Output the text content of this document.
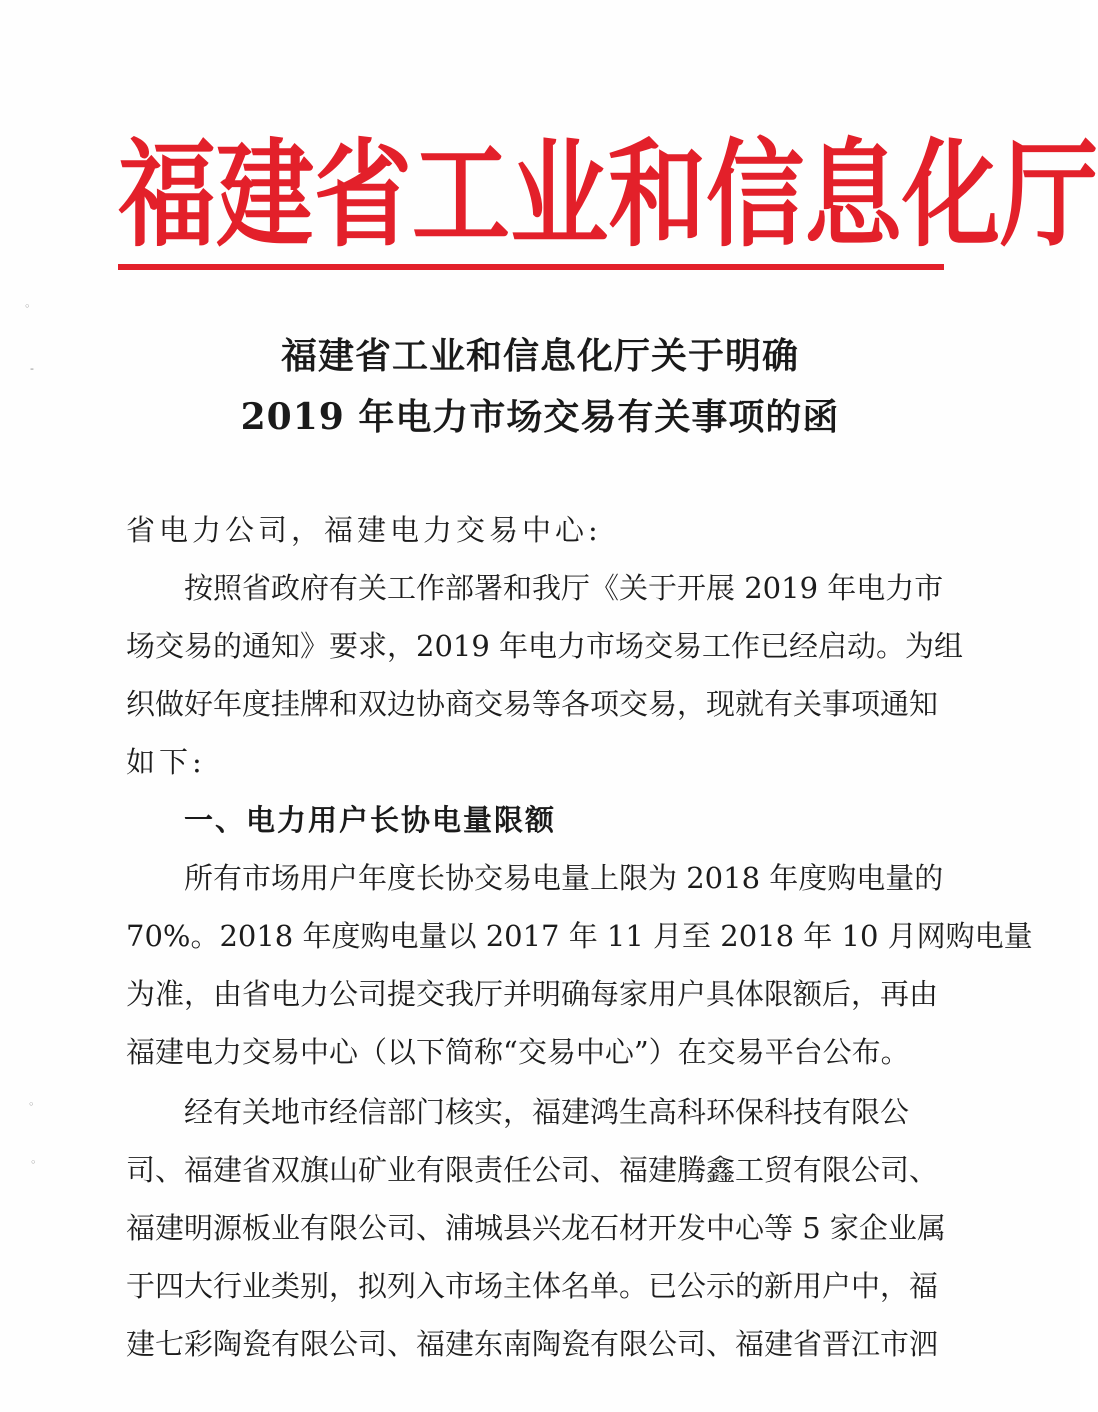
福 建 省 工 业 和 信 息 化 厅
◦
‐
◦
◦
福建省工业和信息化厅关于明确
2019 年电力市场交易有关事项的函
省电力公司，福建电力交易中心:
按照省政府有关工作部署和我厅《关于开展 2019 年电力市
场交易的通知》要求，2019 年电力市场交易工作已经启动。为组
织做好年度挂牌和双边协商交易等各项交易，现就有关事项通知
如下:
一、电力用户长协电量限额
所有市场用户年度长协交易电量上限为 2018 年度购电量的
70%。2018 年度购电量以 2017 年 11 月至 2018 年 10 月网购电量
为准，由省电力公司提交我厅并明确每家用户具体限额后，再由
福建电力交易中心（以下简称“交易中心”）在交易平台公布。
经有关地市经信部门核实，福建鸿生高科环保科技有限公
司、福建省双旗山矿业有限责任公司、福建腾鑫工贸有限公司、
福建明源板业有限公司、浦城县兴龙石材开发中心等 5 家企业属
于四大行业类别，拟列入市场主体名单。已公示的新用户中，福
建七彩陶瓷有限公司、福建东南陶瓷有限公司、福建省晋江市泗
